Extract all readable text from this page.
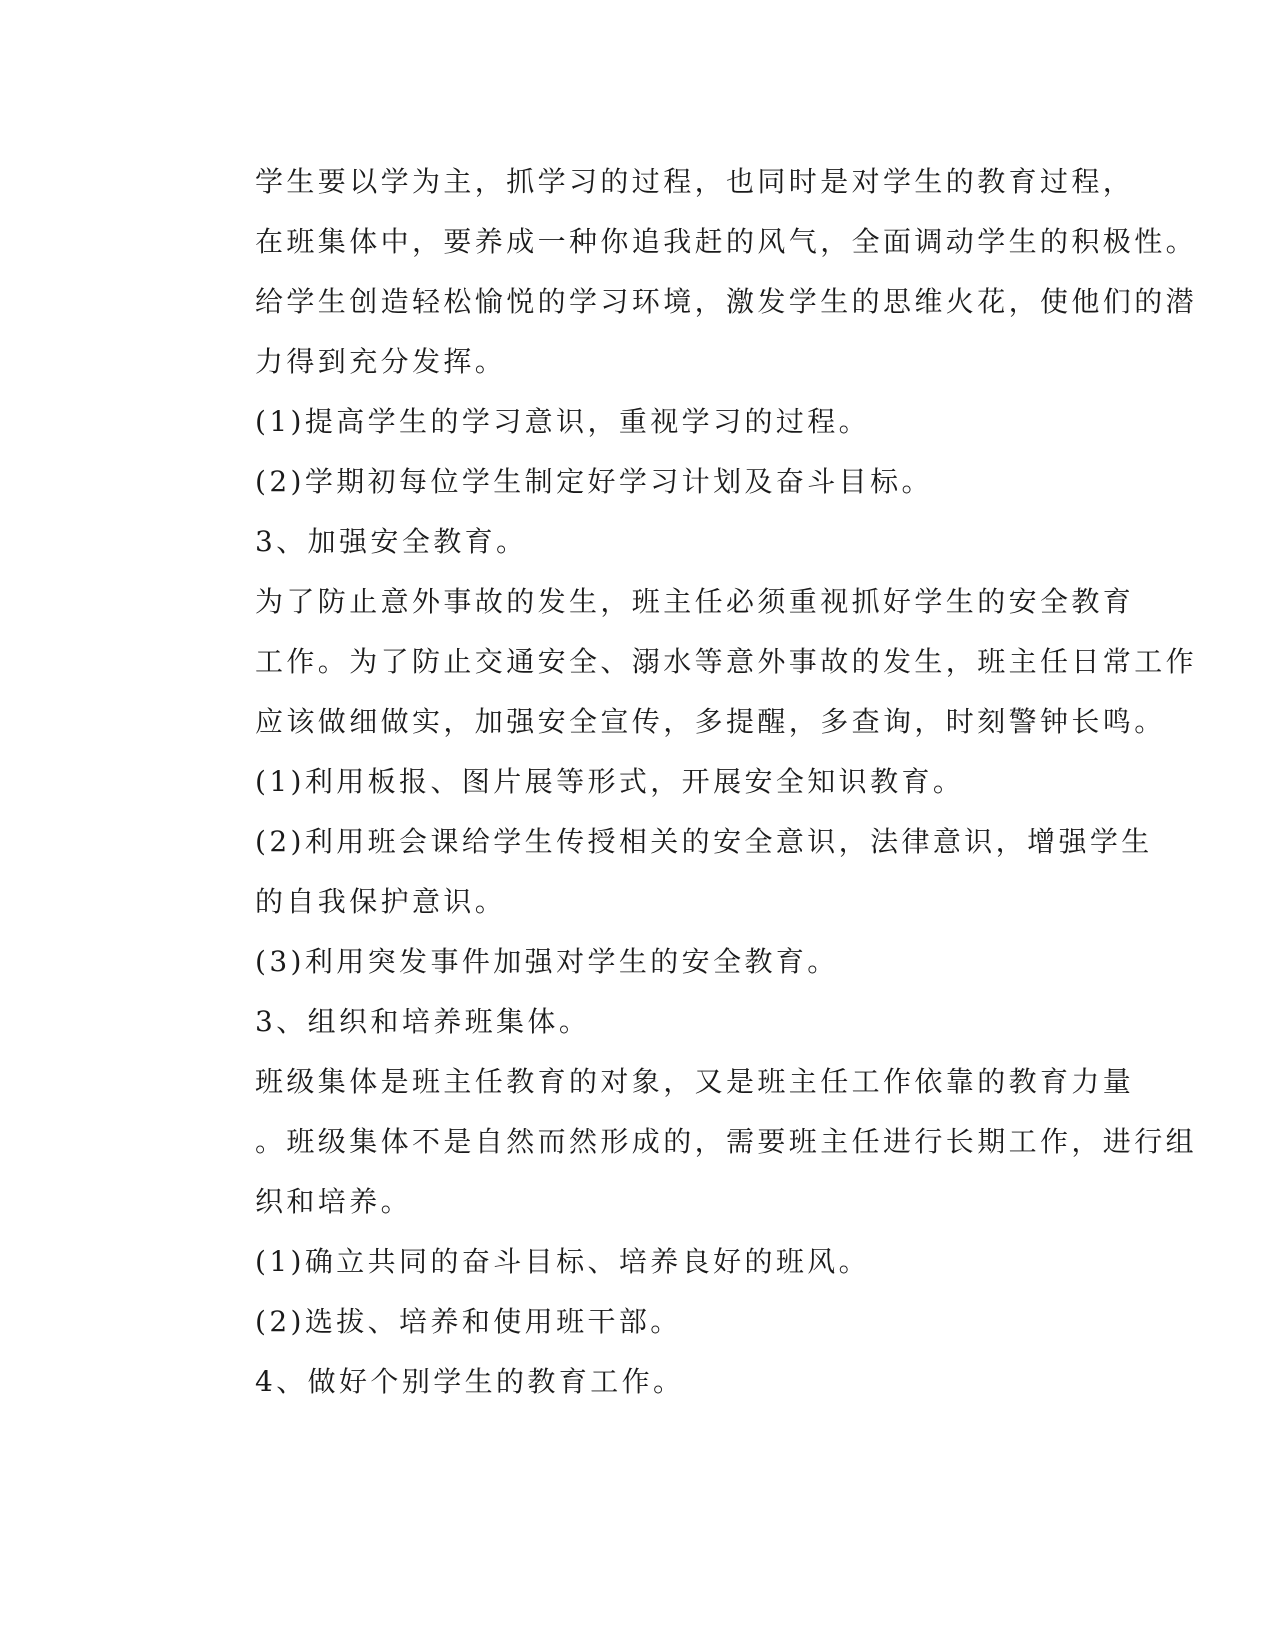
学生要以学为主，抓学习的过程，也同时是对学生的教育过程，
在班集体中，要养成一种你追我赶的风气，全面调动学生的积极性。
给学生创造轻松愉悦的学习环境，激发学生的思维火花，使他们的潜
力得到充分发挥。

(1)提高学生的学习意识，重视学习的过程。

(2)学期初每位学生制定好学习计划及奋斗目标。

3、加强安全教育。

为了防止意外事故的发生，班主任必须重视抓好学生的安全教育
工作。为了防止交通安全、溺水等意外事故的发生，班主任日常工作
应该做细做实，加强安全宣传，多提醒，多查询，时刻警钟长鸣。

(1)利用板报、图片展等形式，开展安全知识教育。

(2)利用班会课给学生传授相关的安全意识，法律意识，增强学生
的自我保护意识。

(3)利用突发事件加强对学生的安全教育。

3、组织和培养班集体。

班级集体是班主任教育的对象，又是班主任工作依靠的教育力量
。班级集体不是自然而然形成的，需要班主任进行长期工作，进行组
织和培养。

(1)确立共同的奋斗目标、培养良好的班风。

(2)选拔、培养和使用班干部。

4、做好个别学生的教育工作。
